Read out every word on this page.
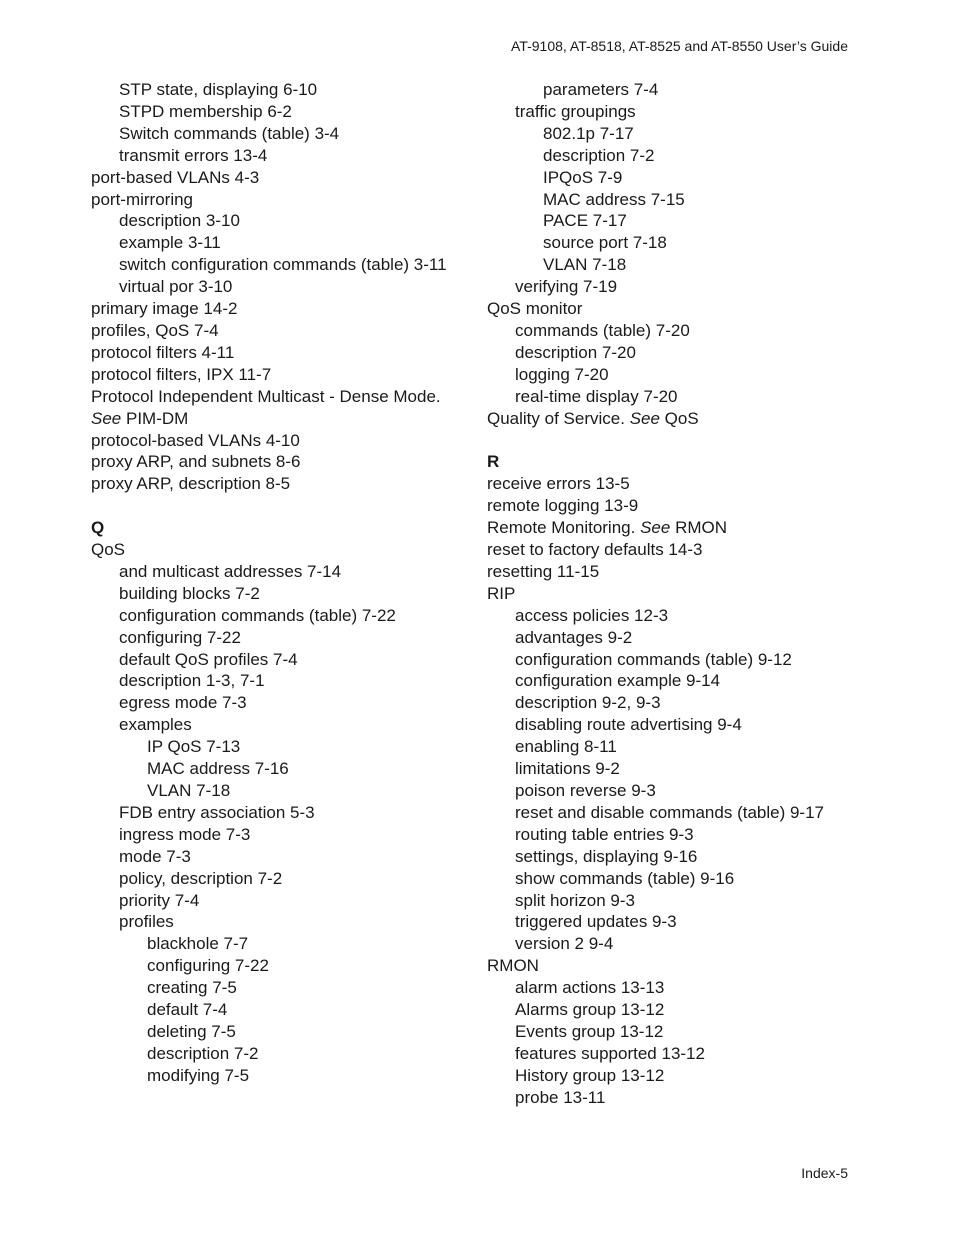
AT-9108, AT-8518, AT-8525 and AT-8550 User’s Guide
STP state, displaying 6-10
STPD membership 6-2
Switch commands (table) 3-4
transmit errors 13-4
port-based VLANs 4-3
port-mirroring
description 3-10
example 3-11
switch configuration commands (table) 3-11
virtual por 3-10
primary image 14-2
profiles, QoS 7-4
protocol filters 4-11
protocol filters, IPX 11-7
Protocol Independent Multicast - Dense Mode.
See PIM-DM
protocol-based VLANs 4-10
proxy ARP, and subnets 8-6
proxy ARP, description 8-5
Q
QoS
and multicast addresses 7-14
building blocks 7-2
configuration commands (table) 7-22
configuring 7-22
default QoS profiles 7-4
description 1-3, 7-1
egress mode 7-3
examples
IP QoS 7-13
MAC address 7-16
VLAN 7-18
FDB entry association 5-3
ingress mode 7-3
mode 7-3
policy, description 7-2
priority 7-4
profiles
blackhole 7-7
configuring 7-22
creating 7-5
default 7-4
deleting 7-5
description 7-2
modifying 7-5
parameters 7-4
traffic groupings
802.1p 7-17
description 7-2
IPQoS 7-9
MAC address 7-15
PACE 7-17
source port 7-18
VLAN 7-18
verifying 7-19
QoS monitor
commands (table) 7-20
description 7-20
logging 7-20
real-time display 7-20
Quality of Service. See QoS
R
receive errors 13-5
remote logging 13-9
Remote Monitoring. See RMON
reset to factory defaults 14-3
resetting 11-15
RIP
access policies 12-3
advantages 9-2
configuration commands (table) 9-12
configuration example 9-14
description 9-2, 9-3
disabling route advertising 9-4
enabling 8-11
limitations 9-2
poison reverse 9-3
reset and disable commands (table) 9-17
routing table entries 9-3
settings, displaying 9-16
show commands (table) 9-16
split horizon 9-3
triggered updates 9-3
version 2 9-4
RMON
alarm actions 13-13
Alarms group 13-12
Events group 13-12
features supported 13-12
History group 13-12
probe 13-11
Index-5
